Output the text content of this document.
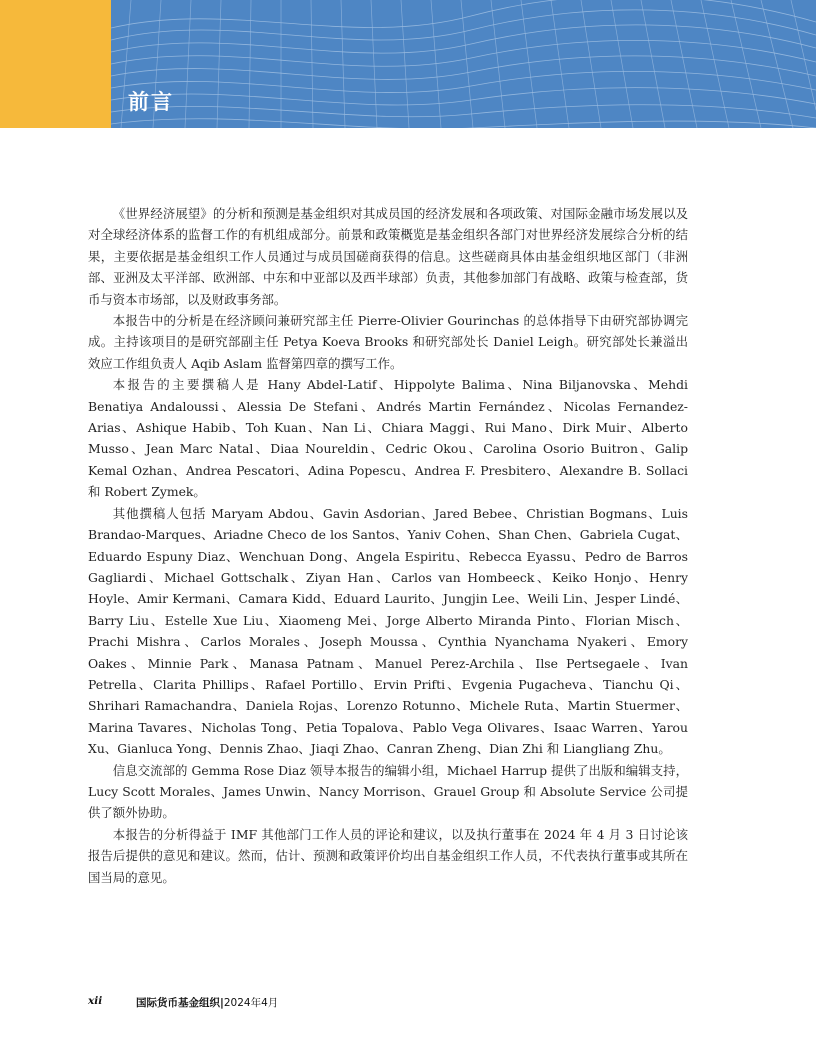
前言

《世界经济展望》的分析和预测是基金组织对其成员国的经济发展和各项政策、对国际金融市场发展以及对全球经济体系的监督工作的有机组成部分。前景和政策概览是基金组织各部门对世界经济发展综合分析的结果，主要依据是基金组织工作人员通过与成员国磋商获得的信息。这些磋商具体由基金组织地区部门（非洲部、亚洲及太平洋部、欧洲部、中东和中亚部以及西半球部）负责，其他参加部门有战略、政策与检查部，货币与资本市场部，以及财政事务部。

本报告中的分析是在经济顾问兼研究部主任 Pierre-Olivier Gourinchas 的总体指导下由研究部协调完成。主持该项目的是研究部副主任 Petya Koeva Brooks 和研究部处长 Daniel Leigh。研究部处长兼溢出效应工作组负责人 Aqib Aslam 监督第四章的撰写工作。

本报告的主要撰稿人是 Hany Abdel-Latif、Hippolyte Balima、Nina Biljanovska、Mehdi Benatiya Andaloussi、Alessia De Stefani、Andrés Martin Fernández、Nicolas Fernandez-Arias、Ashique Habib、Toh Kuan、Nan Li、Chiara Maggi、Rui Mano、Dirk Muir、Alberto Musso、Jean Marc Natal、Diaa Noureldin、Cedric Okou、Carolina Osorio Buitron、Galip Kemal Ozhan、Andrea Pescatori、Adina Popescu、Andrea F. Presbitero、Alexandre B. Sollaci 和 Robert Zymek。

其他撰稿人包括 Maryam Abdou、Gavin Asdorian、Jared Bebee、Christian Bogmans、Luis Brandao-Marques、Ariadne Checo de los Santos、Yaniv Cohen、Shan Chen、Gabriela Cugat、Eduardo Espuny Diaz、Wenchuan Dong、Angela Espiritu、Rebecca Eyassu、Pedro de Barros Gagliardi、Michael Gottschalk、Ziyan Han、Carlos van Hombeeck、Keiko Honjo、Henry Hoyle、Amir Kermani、Camara Kidd、Eduard Laurito、Jungjin Lee、Weili Lin、Jesper Lindé、Barry Liu、Estelle Xue Liu、Xiaomeng Mei、Jorge Alberto Miranda Pinto、Florian Misch、Prachi Mishra、Carlos Morales、Joseph Moussa、Cynthia Nyanchama Nyakeri、Emory Oakes、Minnie Park、Manasa Patnam、Manuel Perez-Archila、Ilse Pertsegaele、Ivan Petrella、Clarita Phillips、Rafael Portillo、Ervin Prifti、Evgenia Pugacheva、Tianchu Qi、Shrihari Ramachandra、Daniela Rojas、Lorenzo Rotunno、Michele Ruta、Martin Stuermer、Marina Tavares、Nicholas Tong、Petia Topalova、Pablo Vega Olivares、Isaac Warren、Yarou Xu、Gianluca Yong、Dennis Zhao、Jiaqi Zhao、Canran Zheng、Dian Zhi 和 Liangliang Zhu。

信息交流部的 Gemma Rose Diaz 领导本报告的编辑小组，Michael Harrup 提供了出版和编辑支持，Lucy Scott Morales、James Unwin、Nancy Morrison、Grauel Group 和 Absolute Service 公司提供了额外协助。

本报告的分析得益于 IMF 其他部门工作人员的评论和建议，以及执行董事在 2024 年 4 月 3 日讨论该报告后提供的意见和建议。然而，估计、预测和政策评价均出自基金组织工作人员，不代表执行董事或其所在国当局的意见。

xii	国际货币基金组织|2024年4月
